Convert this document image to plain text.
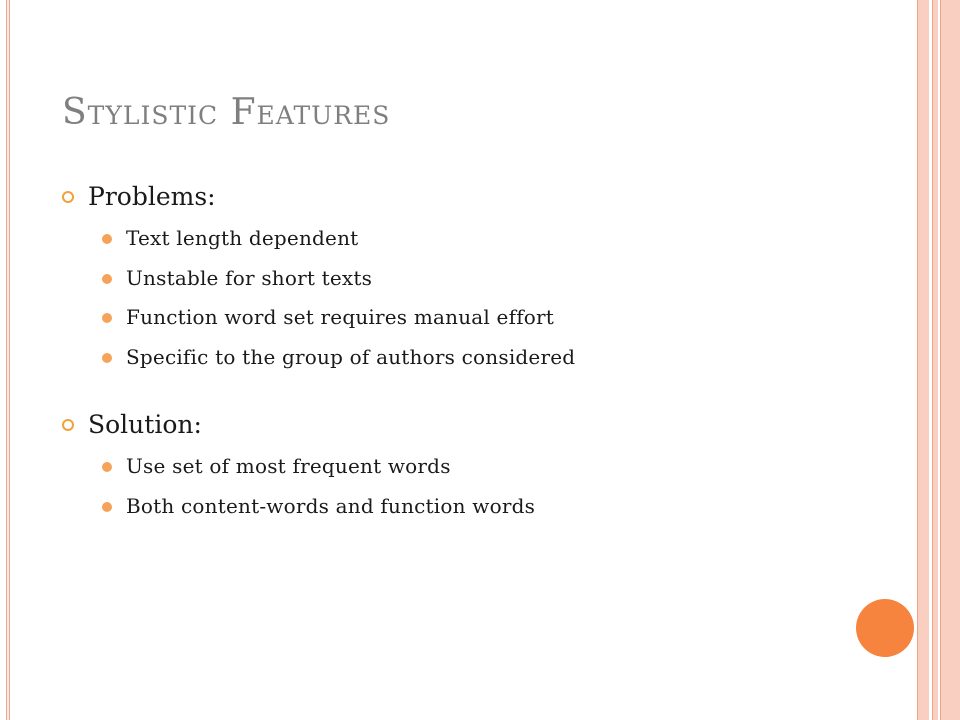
Stylistic Features
Problems:
Text length dependent
Unstable for short texts
Function word set requires manual effort
Specific to the group of authors considered
Solution:
Use set of most frequent words
Both content-words and function words
